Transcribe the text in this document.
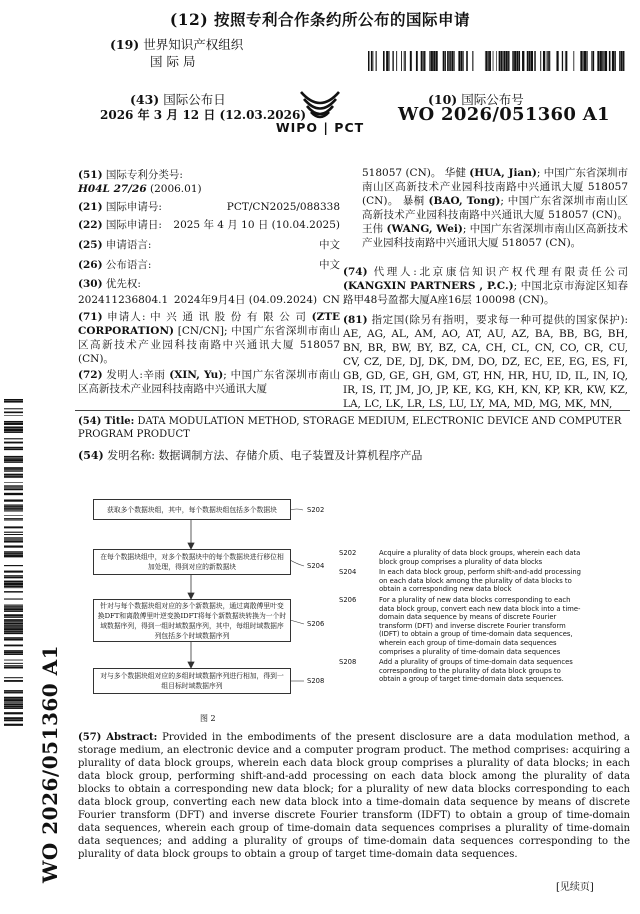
(12) 按照专利合作条约所公布的国际申请
(19) 世界知识产权组织
国 际 局
(43) 国际公布日
2026 年 3 月 12 日 (12.03.2026)
WIPO | PCT
(10) 国际公布号
WO 2026/051360 A1
WO 2026/051360 A1
(51) 国际专利分类号:
H04L 27/26 (2006.01)
(21) 国际申请号:	PCT/CN2025/088338
(22) 国际申请日: 2025 年 4 月 10 日 (10.04.2025)
(25) 申请语言:	中文
(26) 公布语言:	中文
(30) 优先权:
202411236804.1 2024年9月4日 (04.09.2024) CN
(71) 申请人: 中 兴 通 讯 股 份 有 限 公 司 (ZTE CORPORATION) [CN/CN]; 中国广东省深圳市南山区高新技术产业园科技南路中兴通讯大厦 518057 (CN)。
(72) 发明人:辛雨 (XIN, Yu); 中国广东省深圳市南山区高新技术产业园科技南路中兴通讯大厦
518057 (CN)。 华健 (HUA, Jian); 中国广东省深圳市南山区高新技术产业园科技南路中兴通讯大厦 518057 (CN)。 暴桐 (BAO, Tong); 中国广东省深圳市南山区高新技术产业园科技南路中兴通讯大厦 518057 (CN)。 王伟 (WANG, Wei); 中国广东省深圳市南山区高新技术产业园科技南路中兴通讯大厦 518057 (CN)。
(74) 代理人:北京康信知识产权代理有限责任公司 (KANGXIN PARTNERS , P.C.); 中国北京市海淀区知春路甲48号盈都大厦A座16层 100098 (CN)。
(81) 指定国(除另有指明，要求每一种可提供的国家保护): AE, AG, AL, AM, AO, AT, AU, AZ, BA, BB, BG, BH, BN, BR, BW, BY, BZ, CA, CH, CL, CN, CO, CR, CU, CV, CZ, DE, DJ, DK, DM, DO, DZ, EC, EE, EG, ES, FI, GB, GD, GE, GH, GM, GT, HN, HR, HU, ID, IL, IN, IQ, IR, IS, IT, JM, JO, JP, KE, KG, KH, KN, KP, KR, KW, KZ, LA, LC, LK, LR, LS, LU, LY, MA, MD, MG, MK, MN,
(54) Title: DATA MODULATION METHOD, STORAGE MEDIUM, ELECTRONIC DEVICE AND COMPUTER PROGRAM PRODUCT
(54) 发明名称: 数据调制方法、存储介质、电子装置及计算机程序产品
获取多个数据块组，其中，每个数据块组包括多个数据块	S202
在每个数据块组中，对多个数据块中的每个数据块进行移位相加处理，得到对应的新数据块	S204
针对与每个数据块组对应的多个新数据块，通过离散傅里叶变换DFT和离散傅里叶逆变换IDFT将每个新数据块转换为一个时域数据序列，得到一组时域数据序列，其中，每组时域数据序列包括多个时域数据序列
S206
对与多个数据块组对应的多组时域数据序列进行相加，得到一组目标时域数据序列
S208
S202	Acquire a plurality of data block groups, wherein each data block group comprises a plurality of data blocks
S204	In each data block group, perform shift-and-add processing on each data block among the plurality of data blocks to obtain a corresponding new data block
S206	For a plurality of new data blocks corresponding to each data block group, convert each new data block into a time-domain data sequence by means of discrete Fourier transform (DFT) and inverse discrete Fourier transform (IDFT) to obtain a group of time-domain data sequences, wherein each group of time-domain data sequences comprises a plurality of time-domain data sequences
S208	Add a plurality of groups of time-domain data sequences corresponding to the plurality of data block groups to obtain a group of target time-domain data sequences.
图 2
(57) Abstract: Provided in the embodiments of the present disclosure are a data modulation method, a storage medium, an electronic device and a computer program product. The method comprises: acquiring a plurality of data block groups, wherein each data block group comprises a plurality of data blocks; in each data block group, performing shift-and-add processing on each data block among the plurality of data blocks to obtain a corresponding new data block; for a plurality of new data blocks corresponding to each data block group, converting each new data block into a time-domain data sequence by means of discrete Fourier transform (DFT) and inverse discrete Fourier transform (IDFT) to obtain a group of time-domain data sequences, wherein each group of time-domain data sequences comprises a plurality of time-domain data sequences; and adding a plurality of groups of time-domain data sequences corresponding to the plurality of data block groups to obtain a group of target time-domain data sequences.
[见续页]
